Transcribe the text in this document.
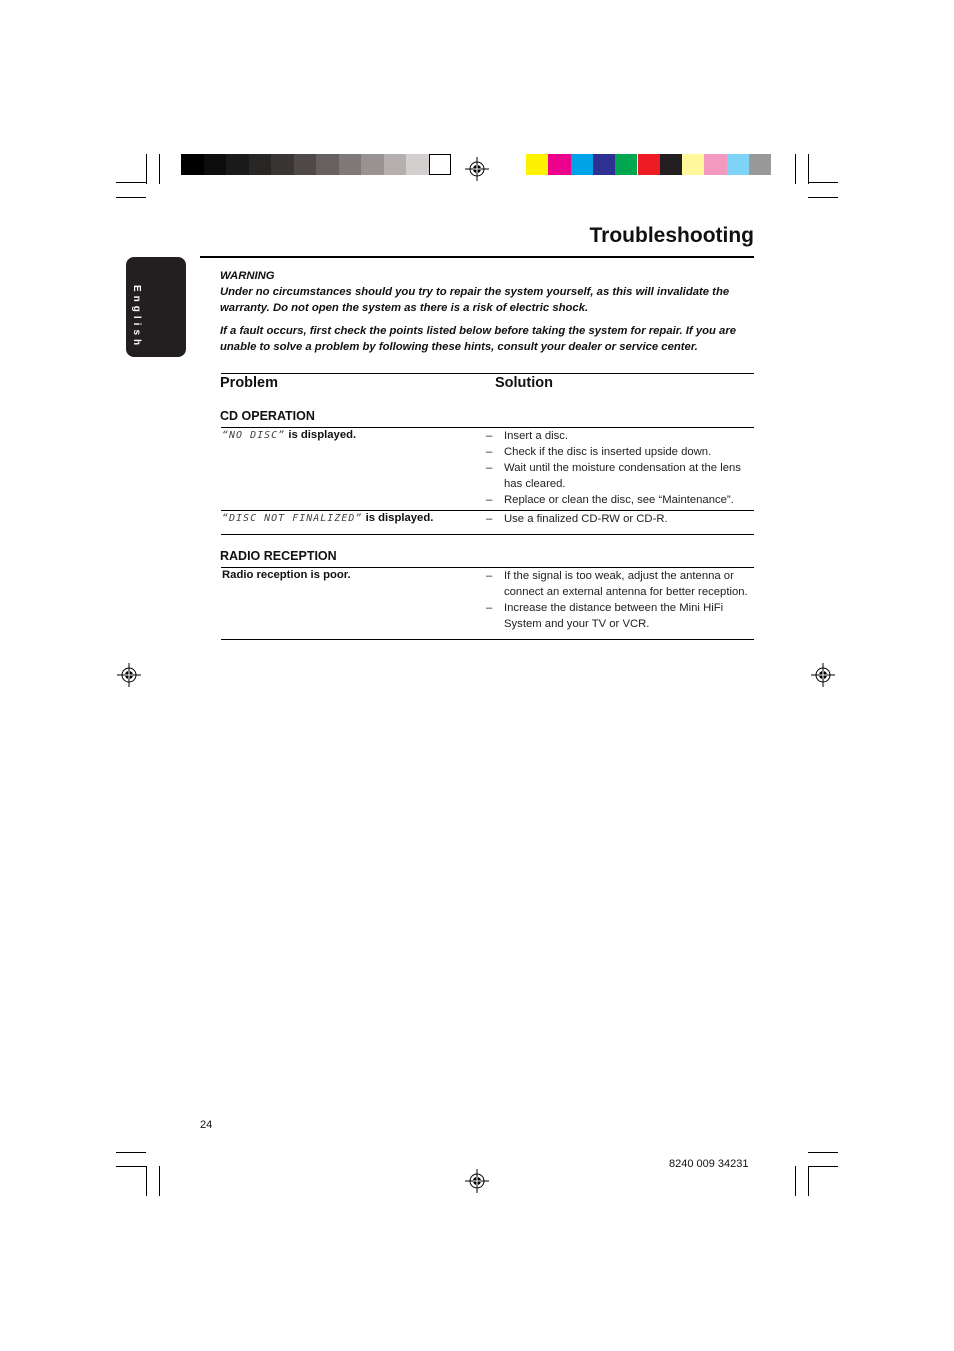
English
Troubleshooting
WARNING
Under no circumstances should you try to repair the system yourself, as this will invalidate the warranty. Do not open the system as there is a risk of electric shock.
If a fault occurs, first check the points listed below before taking the system for repair. If you are unable to solve a problem by following these hints, consult your dealer or service center.
Problem	Solution
CD OPERATION
“NO DISC” is displayed.	– Insert a disc.
– Check if the disc is inserted upside down.
– Wait until the moisture condensation at the lens has cleared.
– Replace or clean the disc, see “Maintenance”.
“DISC NOT FINALIZED” is displayed.	– Use a finalized CD-RW or CD-R.
RADIO RECEPTION
Radio reception is poor.	– If the signal is too weak, adjust the antenna or connect an external antenna for better reception.
– Increase the distance between the Mini HiFi System and your TV or VCR.
24
8240 009 34231
